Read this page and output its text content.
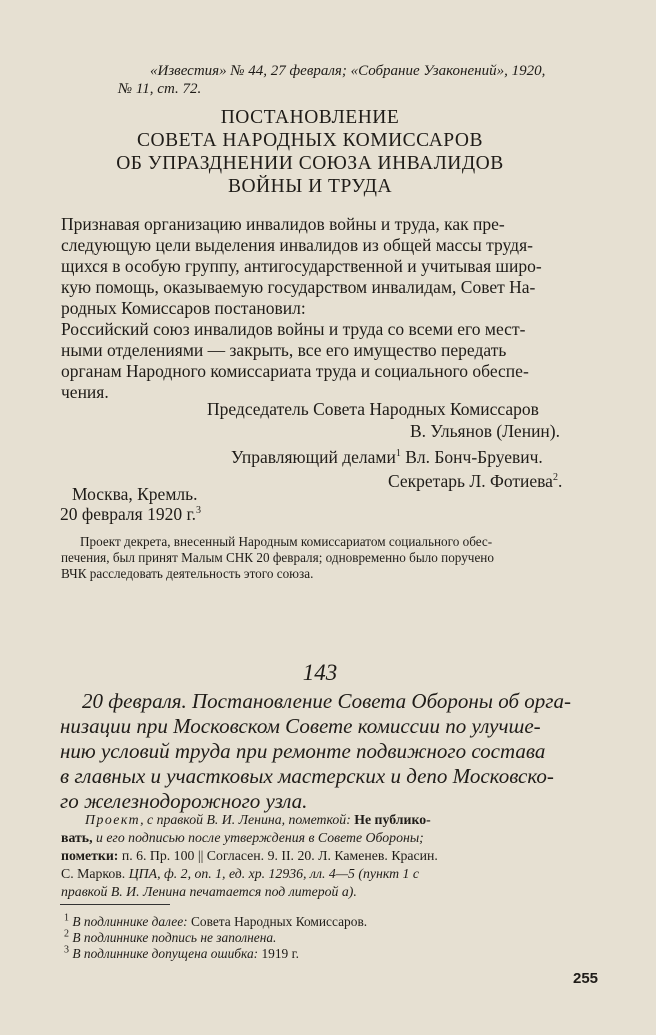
«Известия» № 44, 27 февраля; «Собрание Узаконений», 1920,
№ 11, ст. 72.
ПОСТАНОВЛЕНИЕ
СОВЕТА НАРОДНЫХ КОМИССАРОВ
ОБ УПРАЗДНЕНИИ СОЮЗА ИНВАЛИДОВ
ВОЙНЫ И ТРУДА
Признавая организацию инвалидов войны и труда, как пре-
следующую цели выделения инвалидов из общей массы трудя-
щихся в особую группу, антигосударственной и учитывая широ-
кую помощь, оказываемую государством инвалидам, Совет На-
родных Комиссаров постановил:
Российский союз инвалидов войны и труда со всеми его мест-
ными отделениями — закрыть, все его имущество передать
органам Народного комиссариата труда и социального обеспе-
чения.
Председатель Совета Народных Комиссаров
В. Ульянов (Ленин).
Управляющий делами$^1$ Вл. Бонч-Бруевич.
Секретарь Л. Фотиева$^2$.
Москва, Кремль.
20 февраля 1920 г.$^3$
Проект декрета, внесенный Народным комиссариатом социального обес-
печения, был принят Малым СНК 20 февраля; одновременно было поручено
ВЧК расследовать деятельность этого союза.
143
20 февраля. Постановление Совета Обороны об орга-
низации при Московском Совете комиссии по улучше-
нию условий труда при ремонте подвижного состава
в главных и участковых мастерских и депо Московско-
го железнодорожного узла.
Проект, с правкой В. И. Ленина, пометкой: Не публико-
вать, и его подписью после утверждения в Совете Обороны;
пометки: п. 6. Пр. 100 || Согласен. 9. II. 20. Л. Каменев. Красин.
С. Марков. ЦПА, ф. 2, оп. 1, ед. хр. 12936, лл. 4—5 (пункт 1 с
правкой В. И. Ленина печатается под литерой а).
$^1$ В подлиннике далее: Совета Народных Комиссаров.
$^2$ В подлиннике подпись не заполнена.
$^3$ В подлиннике допущена ошибка: 1919 г.
255
